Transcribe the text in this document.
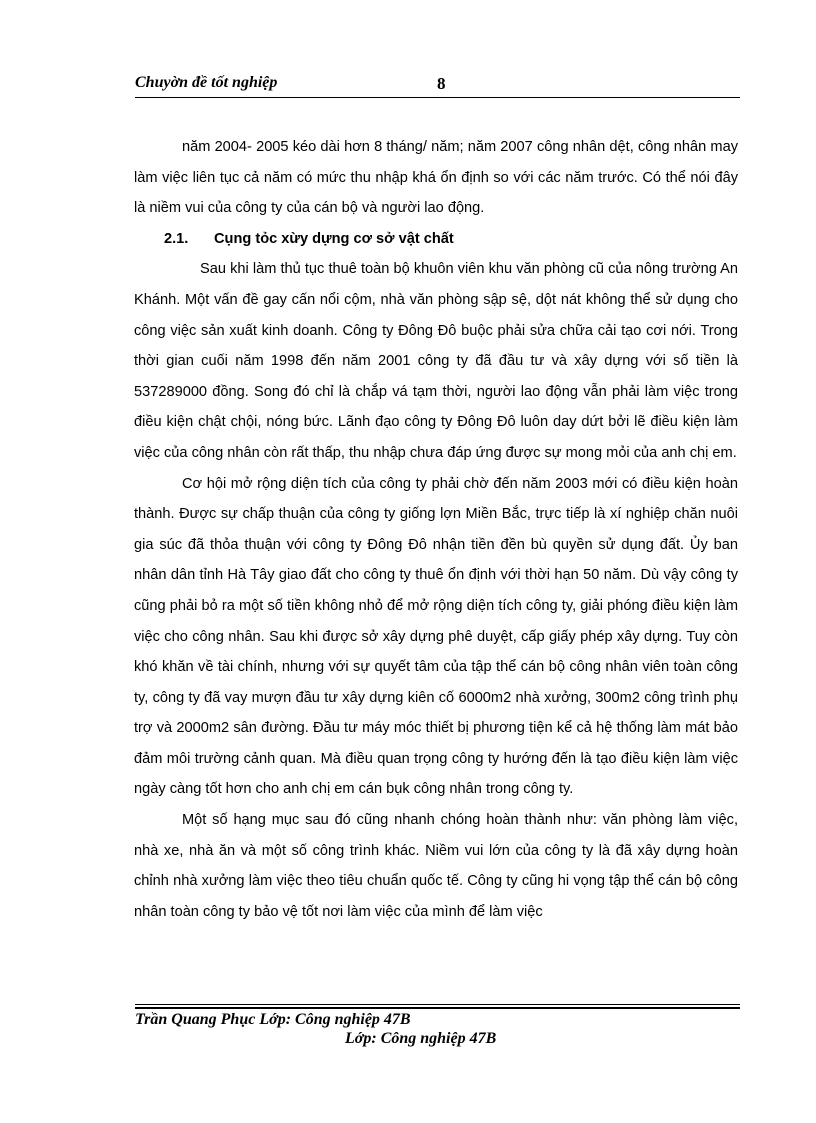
Chuyờn đề tốt nghiệp	8

năm 2004- 2005 kéo dài hơn 8 tháng/ năm; năm 2007 công nhân dệt, công nhân may làm việc liên tục cả năm có mức thu nhập khá ổn định so với các năm trước. Có thể nói đây là niềm vui của công ty của cán bộ và người lao động.

2.1. Cụng tỏc xừy dựng cơ sở vật chất

Sau khi làm thủ tục thuê toàn bộ khuôn viên khu văn phòng cũ của nông trường An Khánh. Một vấn đề gay cấn nổi cộm, nhà văn phòng sập sệ, dột nát không thể sử dụng cho công việc sản xuất kinh doanh. Công ty Đông Đô buộc phải sửa chữa cải tạo cơi nới. Trong thời gian cuối năm 1998 đến năm 2001 công ty đã đầu tư và xây dựng với số tiền là 537289000 đồng. Song đó chỉ là chắp vá tạm thời, người lao động vẫn phải làm việc trong điều kiện chật chội, nóng bức. Lãnh đạo công ty Đông Đô luôn day dứt bởi lẽ điều kiện làm việc của công nhân còn rất thấp, thu nhập chưa đáp ứng được sự mong mỏi của anh chị em.

Cơ hội mở rộng diện tích của công ty phải chờ đến năm 2003 mới có điều kiện hoàn thành. Được sự chấp thuận của công ty giống lợn Miền Bắc, trực tiếp là xí nghiệp chăn nuôi gia súc đã thỏa thuận với công ty Đông Đô nhận tiền đền bù quyền sử dụng đất. Ủy ban nhân dân tỉnh Hà Tây giao đất cho công ty thuê ổn định với thời hạn 50 năm. Dù vậy công ty cũng phải bỏ ra một số tiền không nhỏ để mở rộng diện tích công ty, giải phóng điều kiện làm việc cho công nhân. Sau khi được sở xây dựng phê duyệt, cấp giấy phép xây dựng. Tuy còn khó khăn về tài chính, nhưng với sự quyết tâm của tập thể cán bộ công nhân viên toàn công ty, công ty đã vay mượn đầu tư xây dựng kiên cố 6000m2 nhà xưởng, 300m2 công trình phụ trợ và 2000m2 sân đường. Đầu tư máy móc thiết bị phương tiện kể cả hệ thống làm mát bảo đảm môi trường cảnh quan. Mà điều quan trọng công ty hướng đến là tạo điều kiện làm việc ngày càng tốt hơn cho anh chị em cán bụk công nhân trong công ty.

Một số hạng mục sau đó cũng nhanh chóng hoàn thành như: văn phòng làm việc, nhà xe, nhà ăn và một số công trình khác. Niềm vui lớn của công ty là đã xây dựng hoàn chỉnh nhà xưởng làm việc theo tiêu chuẩn quốc tế. Công ty cũng hi vọng tập thể cán bộ công nhân toàn công ty bảo vệ tốt nơi làm việc của mình để làm việc

Trần Quang Phục Lớp: Công nghiệp 47B
Lớp: Công nghiệp 47B
